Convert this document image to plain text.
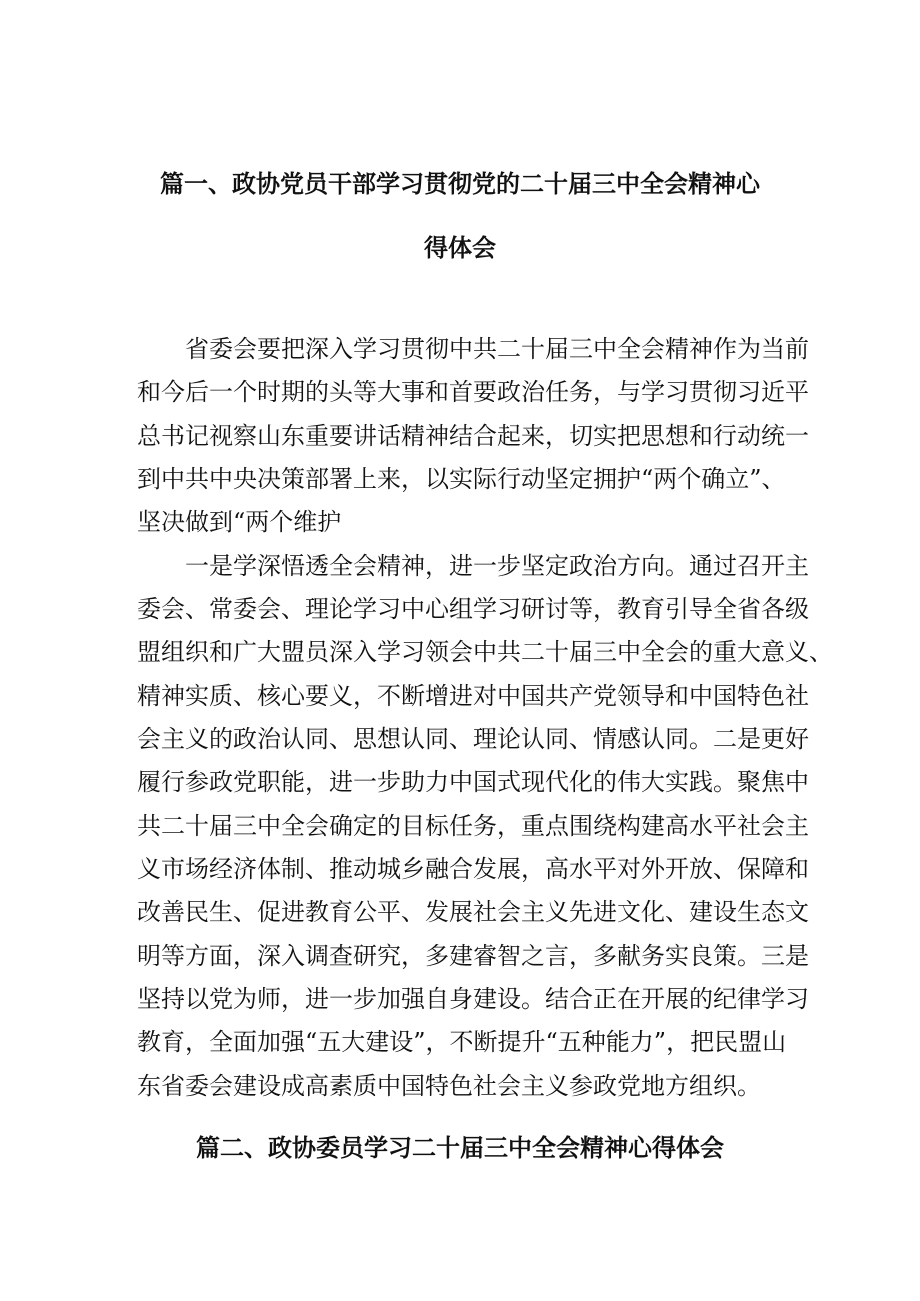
篇一、政协党员干部学习贯彻党的二十届三中全会精神心
得体会

省委会要把深入学习贯彻中共二十届三中全会精神作为当前

和今后一个时期的头等大事和首要政治任务，与学习贯彻习近平

总书记视察山东重要讲话精神结合起来，切实把思想和行动统一

到中共中央决策部署上来，以实际行动坚定拥护“两个确立”、

坚决做到“两个维护

一是学深悟透全会精神，进一步坚定政治方向。通过召开主

委会、常委会、理论学习中心组学习研讨等，教育引导全省各级

盟组织和广大盟员深入学习领会中共二十届三中全会的重大意义、

精神实质、核心要义，不断增进对中国共产党领导和中国特色社

会主义的政治认同、思想认同、理论认同、情感认同。二是更好

履行参政党职能，进一步助力中国式现代化的伟大实践。聚焦中

共二十届三中全会确定的目标任务，重点围绕构建高水平社会主

义市场经济体制、推动城乡融合发展，高水平对外开放、保障和

改善民生、促进教育公平、发展社会主义先进文化、建设生态文

明等方面，深入调查研究，多建睿智之言，多献务实良策。三是

坚持以党为师，进一步加强自身建设。结合正在开展的纪律学习

教育，全面加强“五大建设”，不断提升“五种能力”，把民盟山

东省委会建设成高素质中国特色社会主义参政党地方组织。

篇二、政协委员学习二十届三中全会精神心得体会
